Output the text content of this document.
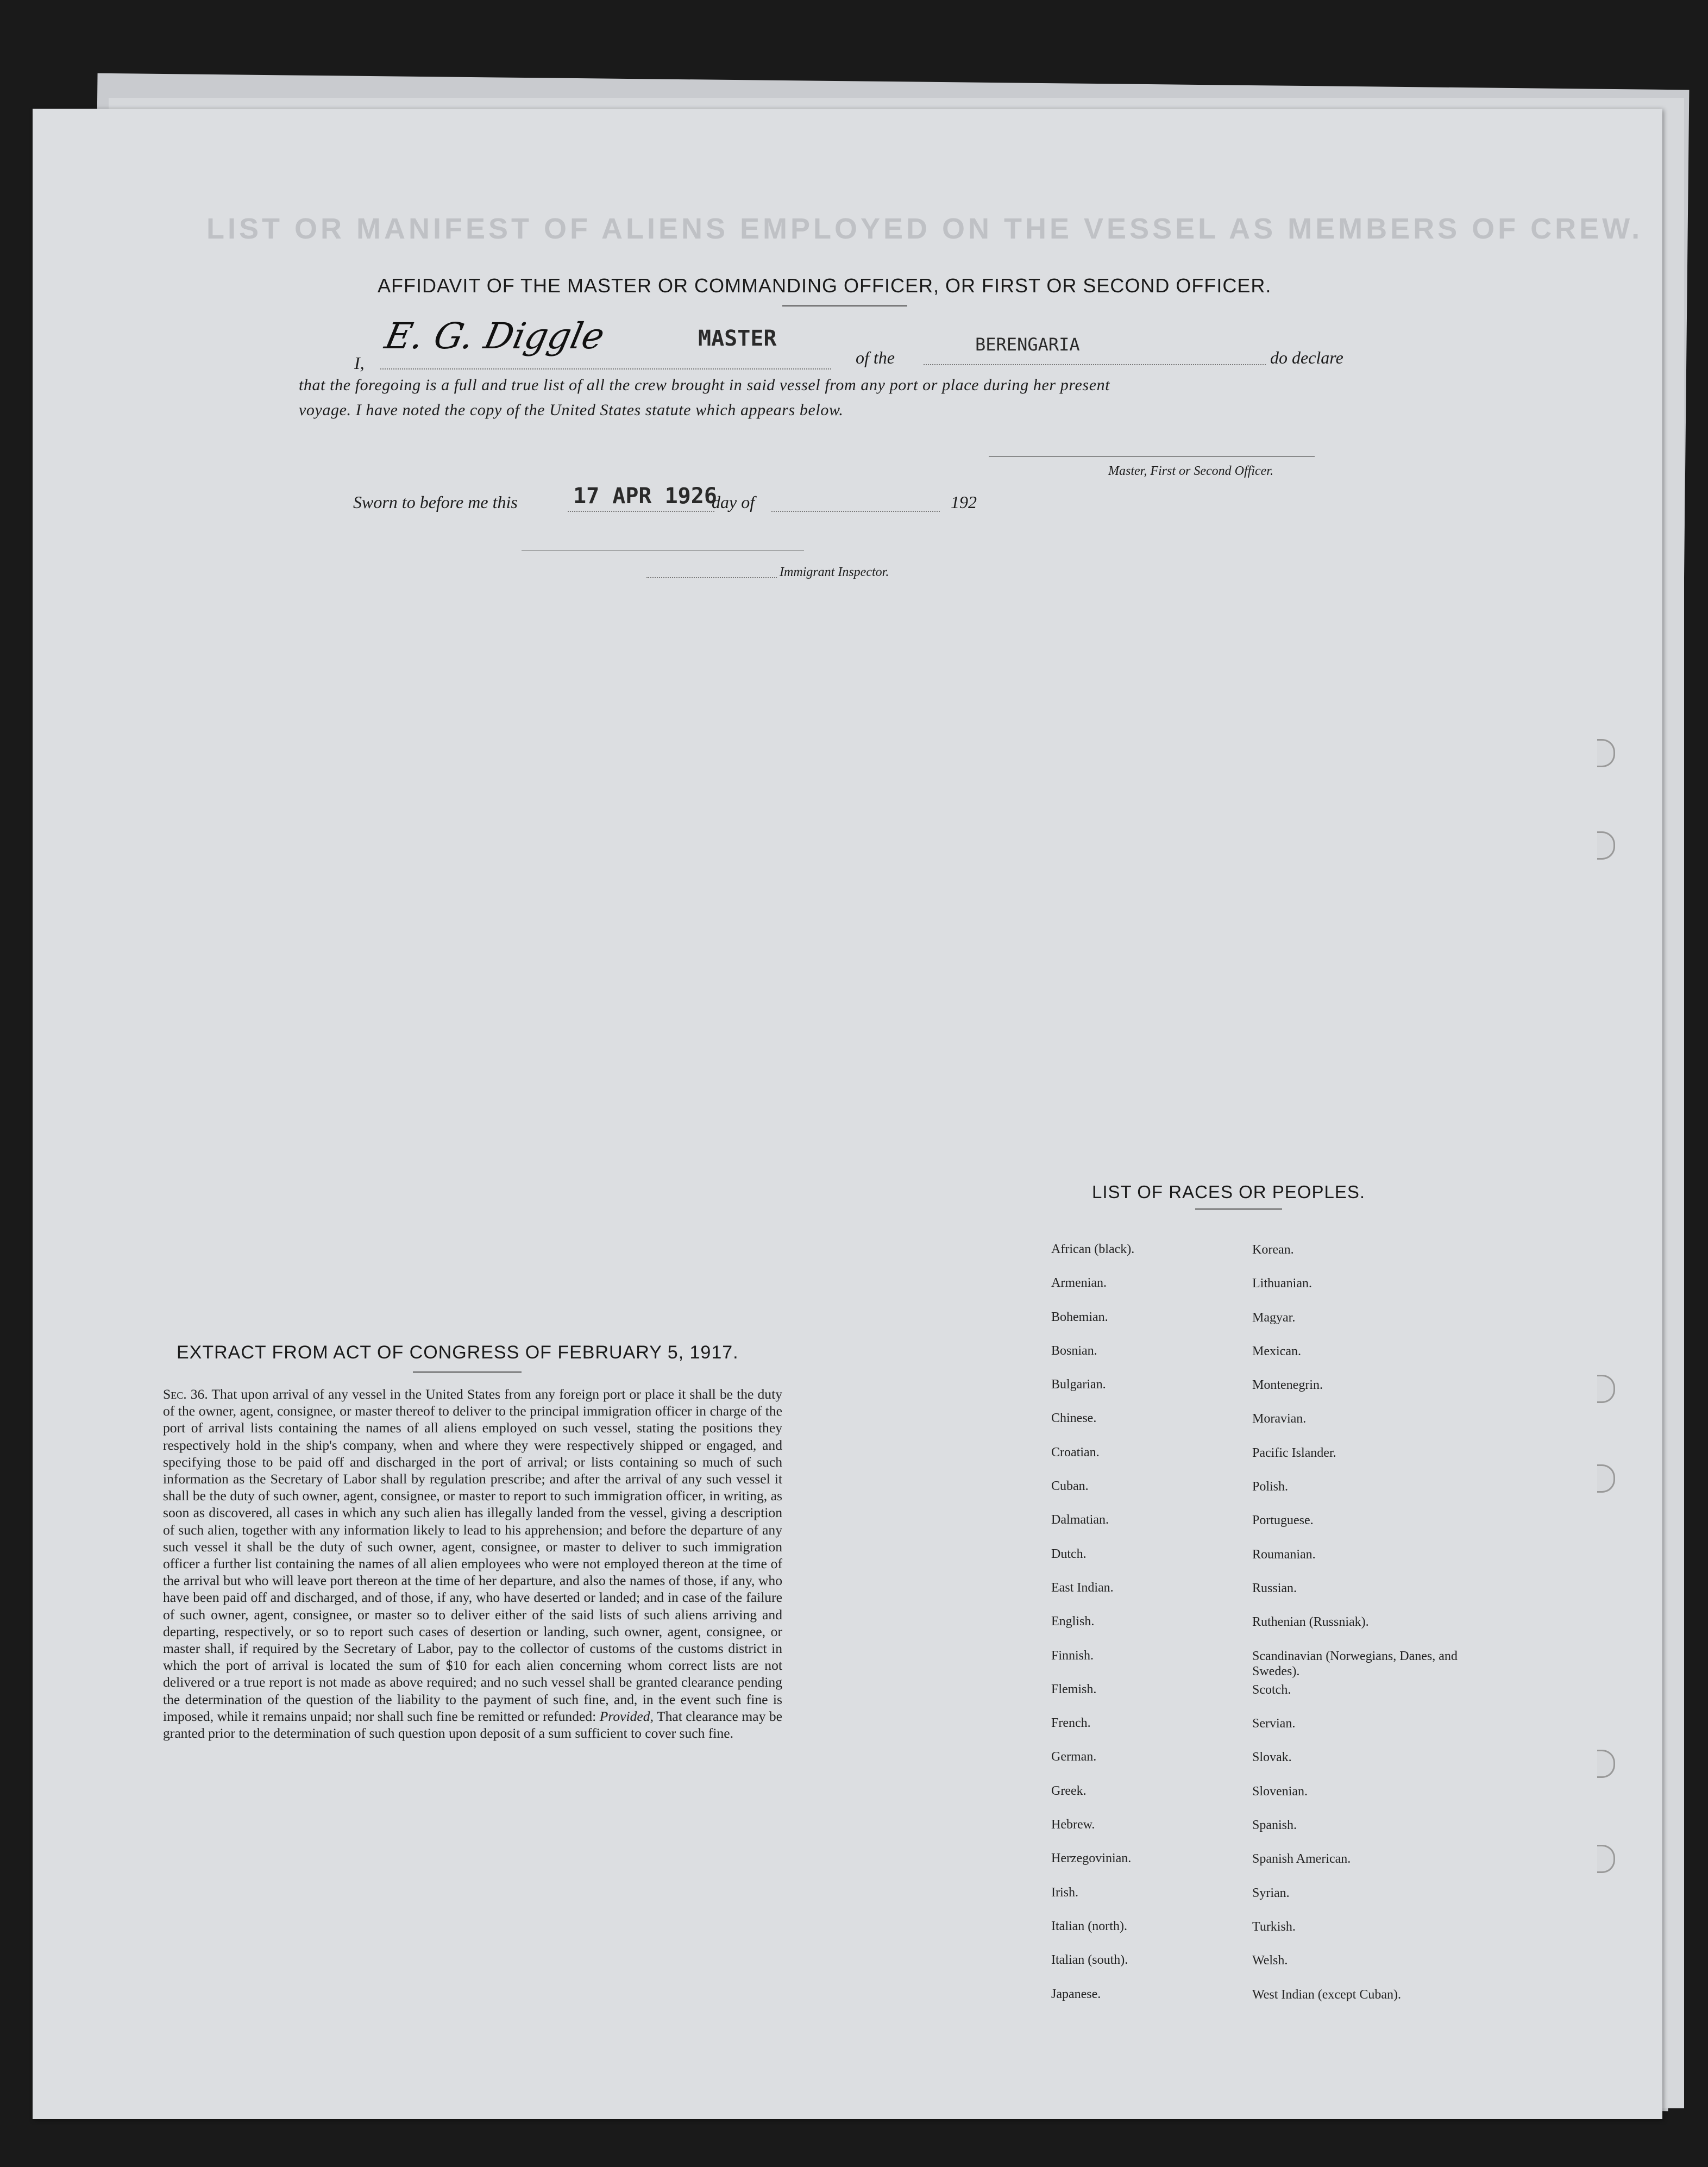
LIST OR MANIFEST OF ALIENS EMPLOYED ON THE VESSEL AS MEMBERS OF CREW.
AFFIDAVIT OF THE MASTER OR COMMANDING OFFICER, OR FIRST OR SECOND OFFICER.
I,
E. G. Diggle	MASTER
of the
BERENGARIA
do declare
that the foregoing is a full and true list of all the crew brought in said vessel from any port or place during her present
voyage. I have noted the copy of the United States statute which appears below.
Master, First or Second Officer.
Sworn to before me this	17 APR 1926
day of	192
Immigrant Inspector.
EXTRACT FROM ACT OF CONGRESS OF FEBRUARY 5, 1917.
Sec. 36. That upon arrival of any vessel in the United States from any foreign port or place it shall be the duty of the owner, agent, consignee, or master thereof to deliver to the principal immigration officer in charge of the port of arrival lists containing the names of all aliens employed on such vessel, stating the positions they respectively hold in the ship's company, when and where they were respectively shipped or engaged, and specifying those to be paid off and discharged in the port of arrival; or lists containing so much of such information as the Secretary of Labor shall by regulation prescribe; and after the arrival of any such vessel it shall be the duty of such owner, agent, consignee, or master to report to such immigration officer, in writing, as soon as discovered, all cases in which any such alien has illegally landed from the vessel, giving a description of such alien, together with any information likely to lead to his apprehension; and before the departure of any such vessel it shall be the duty of such owner, agent, consignee, or master to deliver to such immigration officer a further list containing the names of all alien employees who were not employed thereon at the time of the arrival but who will leave port thereon at the time of her departure, and also the names of those, if any, who have been paid off and discharged, and of those, if any, who have deserted or landed; and in case of the failure of such owner, agent, consignee, or master so to deliver either of the said lists of such aliens arriving and departing, respectively, or so to report such cases of desertion or landing, such owner, agent, consignee, or master shall, if required by the Secretary of Labor, pay to the collector of customs of the customs district in which the port of arrival is located the sum of $10 for each alien concerning whom correct lists are not delivered or a true report is not made as above required; and no such vessel shall be granted clearance pending the determination of the question of the liability to the payment of such fine, and, in the event such fine is imposed, while it remains unpaid; nor shall such fine be remitted or refunded: Provided, That clearance may be granted prior to the determination of such question upon deposit of a sum sufficient to cover such fine.
LIST OF RACES OR PEOPLES.
African (black).	Korean.
Armenian.	Lithuanian.
Bohemian.	Magyar.
Bosnian.	Mexican.
Bulgarian.	Montenegrin.
Chinese.	Moravian.
Croatian.	Pacific Islander.
Cuban.	Polish.
Dalmatian.	Portuguese.
Dutch.	Roumanian.
East Indian.	Russian.
English.	Ruthenian (Russniak).
Finnish.	Scandinavian (Norwegians, Danes, and Swedes).
Flemish.	Scotch.
French.	Servian.
German.	Slovak.
Greek.	Slovenian.
Hebrew.	Spanish.
Herzegovinian.	Spanish American.
Irish.	Syrian.
Italian (north).	Turkish.
Italian (south).	Welsh.
Japanese.	West Indian (except Cuban).
